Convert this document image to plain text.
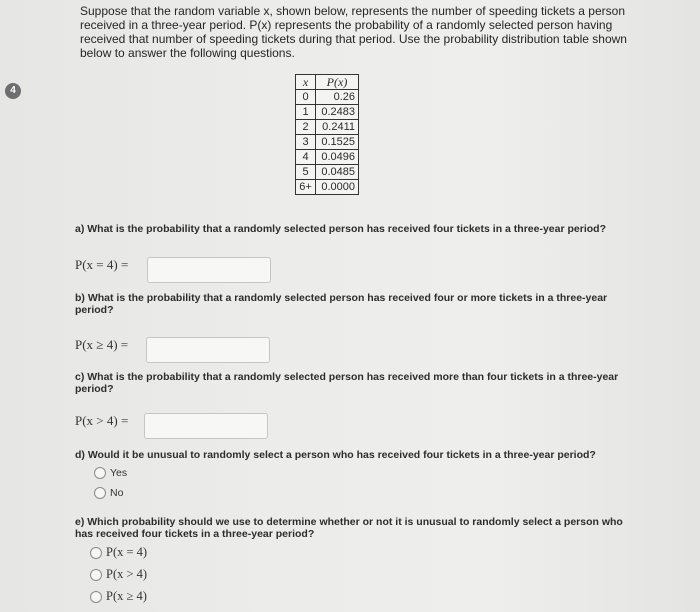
Suppose that the random variable x, shown below, represents the number of speeding tickets a person received in a three-year period. P(x) represents the probability of a randomly selected person having received that number of speeding tickets during that period. Use the probability distribution table shown below to answer the following questions.
4
x	P(x)
0	0.26
1	0.2483
2	0.2411
3	0.1525
4	0.0496
5	0.0485
6+	0.0000
a) What is the probability that a randomly selected person has received four tickets in a three-year period?
P(x = 4) =
b) What is the probability that a randomly selected person has received four or more tickets in a three-year period?
P(x ≥ 4) =
c) What is the probability that a randomly selected person has received more than four tickets in a three-year period?
P(x > 4) =
d) Would it be unusual to randomly select a person who has received four tickets in a three-year period?
Yes
No
e) Which probability should we use to determine whether or not it is unusual to randomly select a person who has received four tickets in a three-year period?
P(x = 4)
P(x > 4)
P(x ≥ 4)
